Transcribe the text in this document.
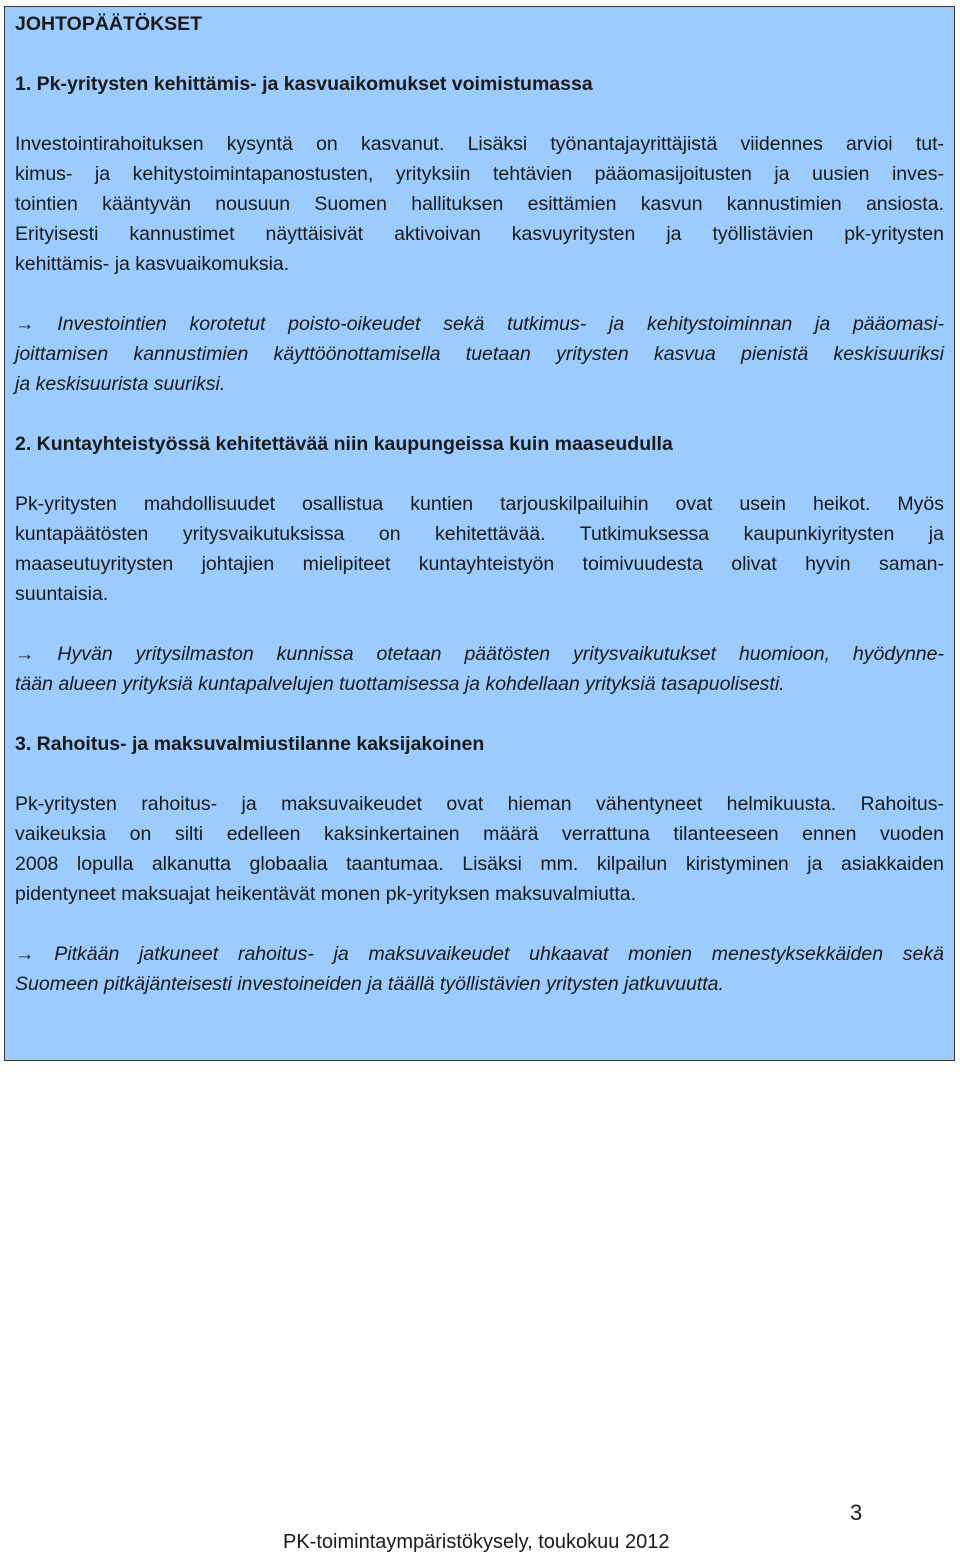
JOHTOPÄÄTÖKSET
1. Pk-yritysten kehittämis- ja kasvuaikomukset voimistumassa
Investointirahoituksen kysyntä on kasvanut. Lisäksi työnantajayrittäjistä viidennes arvioi tut-
kimus- ja kehitystoimintapanostusten, yrityksiin tehtävien pääomasijoitusten ja uusien inves-
tointien kääntyvän nousuun Suomen hallituksen esittämien kasvun kannustimien ansiosta.
Erityisesti kannustimet näyttäisivät aktivoivan kasvuyritysten ja työllistävien pk-yritysten
kehittämis- ja kasvuaikomuksia.
→ Investointien korotetut poisto-oikeudet sekä tutkimus- ja kehitystoiminnan ja pääomasi-
joittamisen kannustimien käyttöönottamisella tuetaan yritysten kasvua pienistä keskisuuriksi
ja keskisuurista suuriksi.
2. Kuntayhteistyössä kehitettävää niin kaupungeissa kuin maaseudulla
Pk-yritysten mahdollisuudet osallistua kuntien tarjouskilpailuihin ovat usein heikot. Myös
kuntapäätösten yritysvaikutuksissa on kehitettävää. Tutkimuksessa kaupunkiyritysten ja
maaseutuyritysten johtajien mielipiteet kuntayhteistyön toimivuudesta olivat hyvin saman-
suuntaisia.
→ Hyvän yritysilmaston kunnissa otetaan päätösten yritysvaikutukset huomioon, hyödynne-
tään alueen yrityksiä kuntapalvelujen tuottamisessa ja kohdellaan yrityksiä tasapuolisesti.
3. Rahoitus- ja maksuvalmiustilanne kaksijakoinen
Pk-yritysten rahoitus- ja maksuvaikeudet ovat hieman vähentyneet helmikuusta. Rahoitus-
vaikeuksia on silti edelleen kaksinkertainen määrä verrattuna tilanteeseen ennen vuoden
2008 lopulla alkanutta globaalia taantumaa. Lisäksi mm. kilpailun kiristyminen ja asiakkaiden
pidentyneet maksuajat heikentävät monen pk-yrityksen maksuvalmiutta.
→ Pitkään jatkuneet rahoitus- ja maksuvaikeudet uhkaavat monien menestyksekkäiden sekä
Suomeen pitkäjänteisesti investoineiden ja täällä työllistävien yritysten jatkuvuutta.
3
PK-toimintaympäristökysely, toukokuu 2012
